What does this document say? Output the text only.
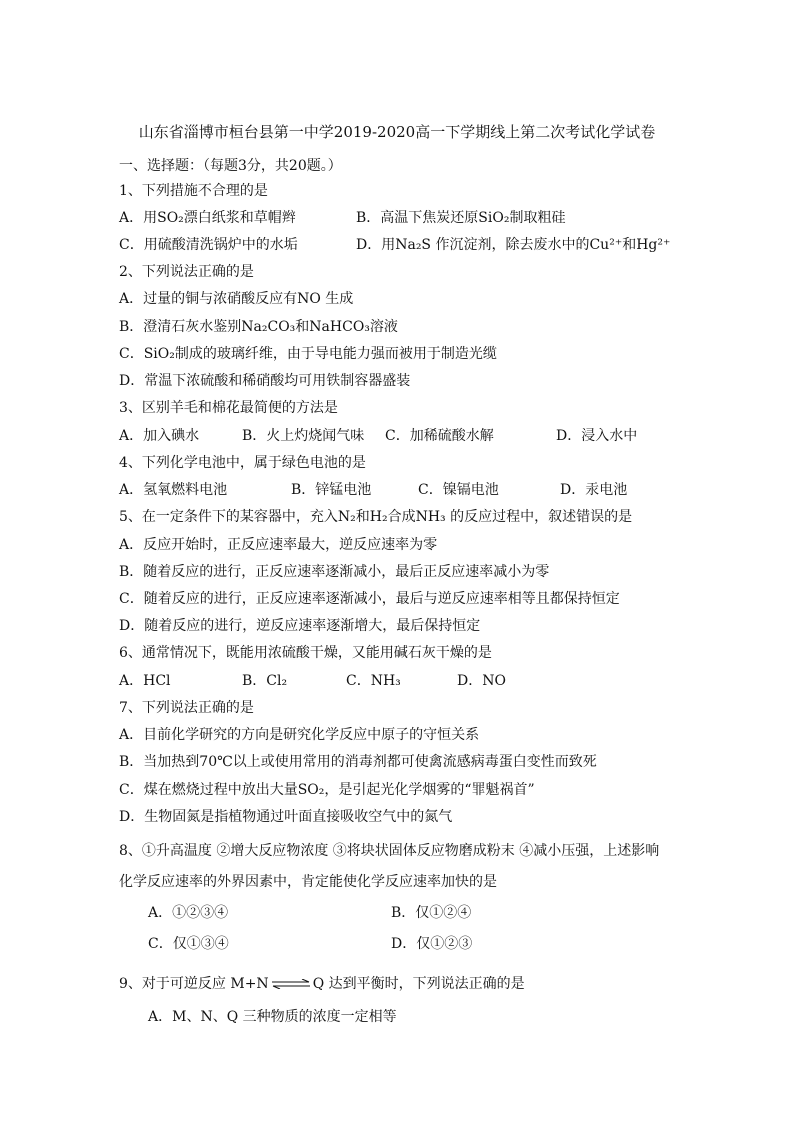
山东省淄博市桓台县第一中学2019-2020高一下学期线上第二次考试化学试卷
一、选择题：（每题3分，共20题。）
1、下列措施不合理的是
A．用SO₂漂白纸浆和草帽辫	B．高温下焦炭还原SiO₂制取粗硅
C．用硫酸清洗锅炉中的水垢	D．用Na₂S 作沉淀剂，除去废水中的Cu²⁺和Hg²⁺
2、下列说法正确的是
A．过量的铜与浓硝酸反应有NO 生成
B．澄清石灰水鉴别Na₂CO₃和NaHCO₃溶液
C．SiO₂制成的玻璃纤维，由于导电能力强而被用于制造光缆
D．常温下浓硫酸和稀硝酸均可用铁制容器盛装
3、区别羊毛和棉花最简便的方法是
A．加入碘水	B．火上灼烧闻气味 C．加稀硫酸水解	D．浸入水中
4、下列化学电池中，属于绿色电池的是
A．氢氧燃料电池	B．锌锰电池	C．镍镉电池	D．汞电池
5、在一定条件下的某容器中，充入N₂和H₂合成NH₃ 的反应过程中，叙述错误的是
A．反应开始时，正反应速率最大，逆反应速率为零
B．随着反应的进行，正反应速率逐渐减小，最后正反应速率减小为零
C．随着反应的进行，正反应速率逐渐减小，最后与逆反应速率相等且都保持恒定
D．随着反应的进行，逆反应速率逐渐增大，最后保持恒定
6、通常情况下，既能用浓硫酸干燥，又能用碱石灰干燥的是
A．HCl	B．Cl₂	C．NH₃	D．NO
7、下列说法正确的是
A．目前化学研究的方向是研究化学反应中原子的守恒关系
B．当加热到70℃以上或使用常用的消毒剂都可使禽流感病毒蛋白变性而致死
C．煤在燃烧过程中放出大量SO₂，是引起光化学烟雾的“罪魁祸首”
D．生物固氮是指植物通过叶面直接吸收空气中的氮气
8、①升高温度 ②增大反应物浓度 ③将块状固体反应物磨成粉末 ④减小压强，上述影响
化学反应速率的外界因素中，肯定能使化学反应速率加快的是
A．①②③④	B．仅①②④
C．仅①③④	D．仅①②③
9、对于可逆反应 M+N ⇌ Q 达到平衡时，下列说法正确的是
A．M、N、Q 三种物质的浓度一定相等
